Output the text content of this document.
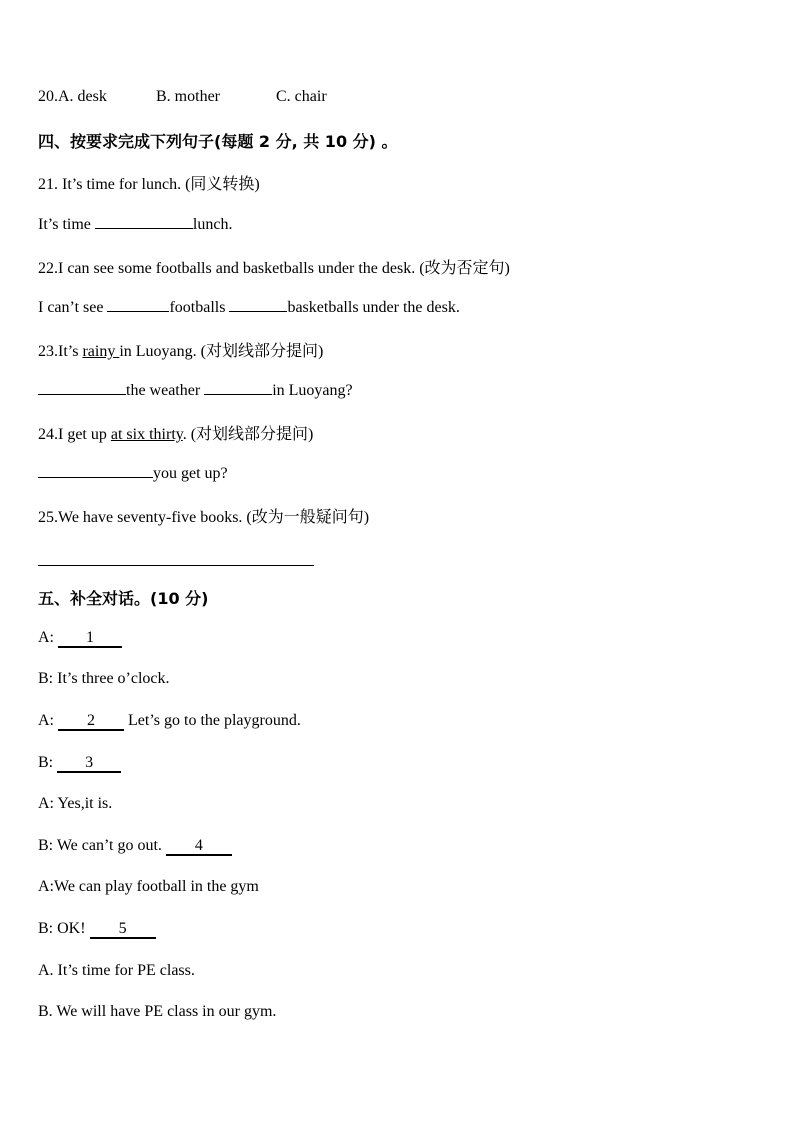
20.A. desk	B. mother	C. chair
四、按要求完成下列句子(每题 2 分, 共 10 分) 。
21. It’s time for lunch. (同义转换)
It’s time	lunch.
22.I can see some footballs and basketballs under the desk. (改为否定句)
I can’t see	footballs	basketballs under the desk.
23.It’s rainy in Luoyang. (对划线部分提问)
the weather	in Luoyang?
24.I get up at six thirty. (对划线部分提问)
you get up?
25.We have seventy-five books. (改为一般疑问句)
五、补全对话。(10 分)
A: 1
B: It’s three o’clock.
A: 2 Let’s go to the playground.
B: 3
A: Yes,it is.
B: We can’t go out. 4
A:We can play football in the gym
B: OK! 5
A. It’s time for PE class.
B. We will have PE class in our gym.
